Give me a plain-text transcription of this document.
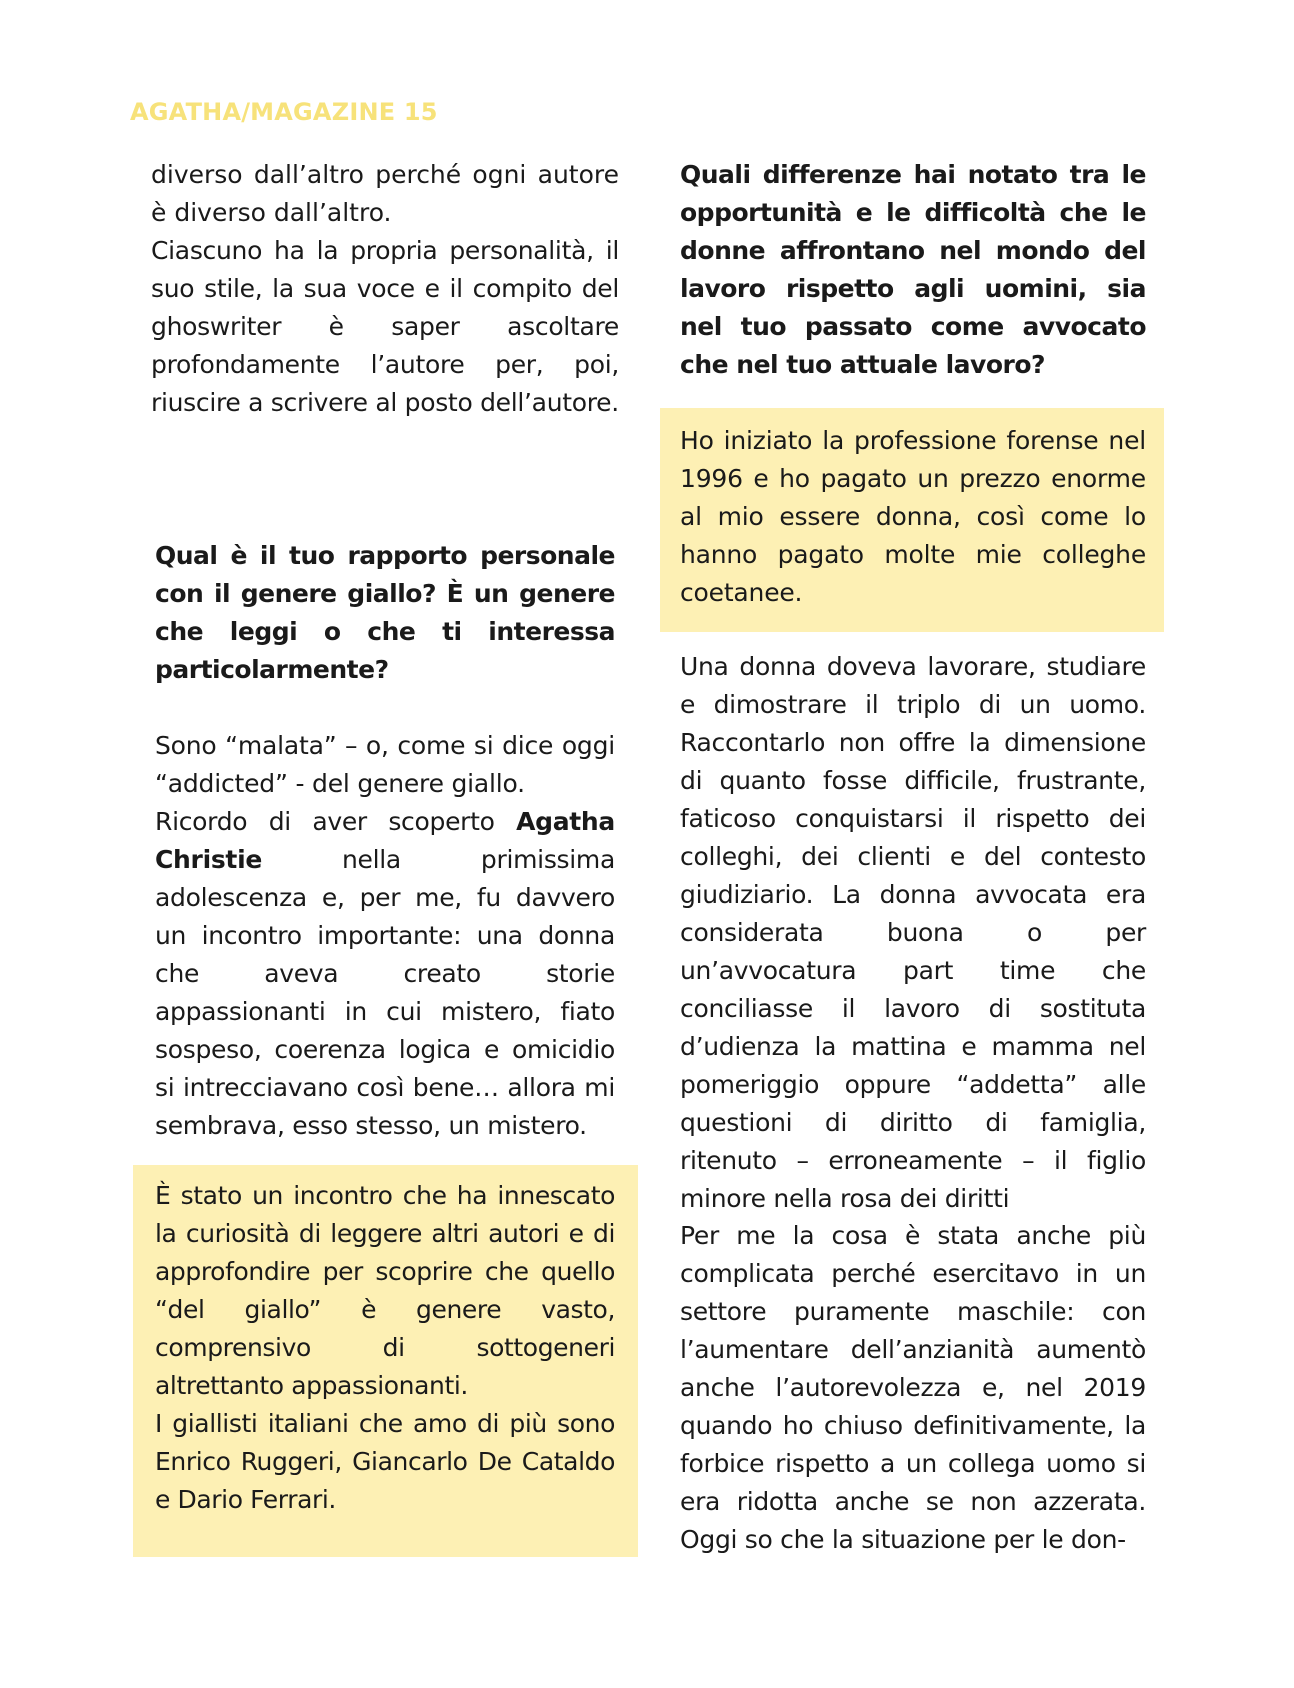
AGATHA/MAGAZINE 15

diverso dall’altro perché ogni autore è diverso dall’altro.

Ciascuno ha la propria personalità, il suo stile, la sua voce e il compito del ghoswriter è saper ascoltare profondamente l’autore per, poi, riuscire a scrivere al posto dell’autore.

Qual è il tuo rapporto personale con il genere giallo? È un genere che leggi o che ti interessa particolarmente?

Sono “malata” – o, come si dice oggi “addicted” - del genere giallo.

Ricordo di aver scoperto Agatha Christie nella primissima adolescenza e, per me, fu davvero un incontro importante: una donna che aveva creato storie appassionanti in cui mistero, fiato sospeso, coerenza logica e omicidio si intrecciavano così bene… allora mi sembrava, esso stesso, un mistero.

È stato un incontro che ha innescato la curiosità di leggere altri autori e di approfondire per scoprire che quello “del giallo” è genere vasto, comprensivo di sottogeneri altrettanto appassionanti.

I giallisti italiani che amo di più sono Enrico Ruggeri, Giancarlo De Cataldo e Dario Ferrari.

Quali differenze hai notato tra le opportunità e le difficoltà che le donne affrontano nel mondo del lavoro rispetto agli uomini, sia nel tuo passato come avvocato che nel tuo attuale lavoro?

Ho iniziato la professione forense nel 1996 e ho pagato un prezzo enorme al mio essere donna, così come lo hanno pagato molte mie colleghe coetanee.

Una donna doveva lavorare, studiare e dimostrare il triplo di un uomo. Raccontarlo non offre la dimensione di quanto fosse difficile, frustrante, faticoso conquistarsi il rispetto dei colleghi, dei clienti e del contesto giudiziario. La donna avvocata era considerata buona o per un’avvocatura part time che conciliasse il lavoro di sostituta d’udienza la mattina e mamma nel pomeriggio oppure “addetta” alle questioni di diritto di famiglia, ritenuto – erroneamente – il figlio minore nella rosa dei diritti

Per me la cosa è stata anche più complicata perché esercitavo in un settore puramente maschile: con l’aumentare dell’anzianità aumentò anche l’autorevolezza e, nel 2019 quando ho chiuso definitivamente, la forbice rispetto a un collega uomo si era ridotta anche se non azzerata. Oggi so che la situazione per le don-
